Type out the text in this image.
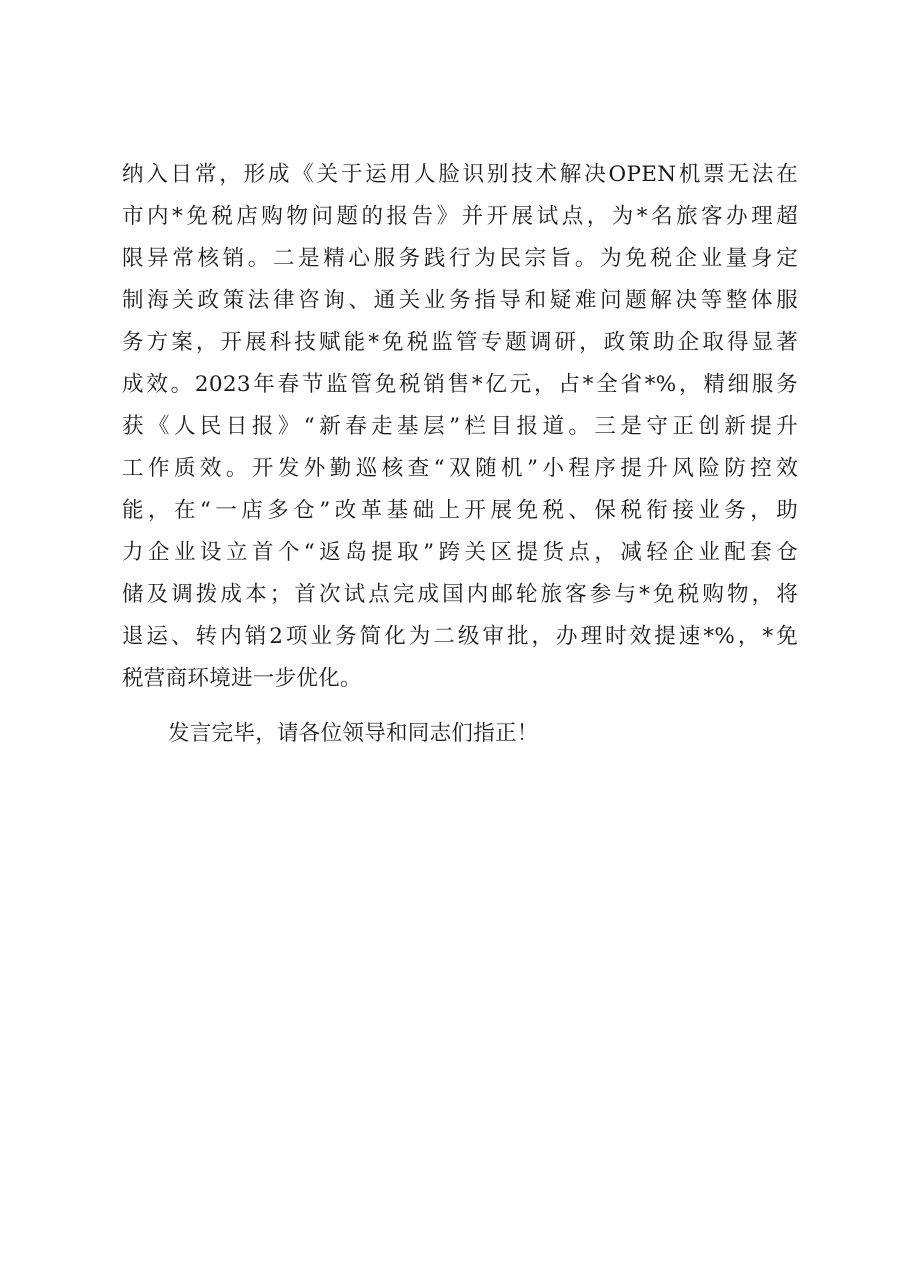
纳入日常，形成《关于运用人脸识别技术解决OPEN机票无法在
市内*免税店购物问题的报告》并开展试点，为*名旅客办理超
限异常核销。二是精心服务践行为民宗旨。为免税企业量身定
制海关政策法律咨询、通关业务指导和疑难问题解决等整体服
务方案，开展科技赋能*免税监管专题调研，政策助企取得显著
成效。2023年春节监管免税销售*亿元，占*全省*%，精细服务
获《人民日报》“新春走基层”栏目报道。三是守正创新提升
工作质效。开发外勤巡核查“双随机”小程序提升风险防控效
能，在“一店多仓”改革基础上开展免税、保税衔接业务，助
力企业设立首个“返岛提取”跨关区提货点，减轻企业配套仓
储及调拨成本；首次试点完成国内邮轮旅客参与*免税购物，将
退运、转内销2项业务简化为二级审批，办理时效提速*%，*免
税营商环境进一步优化。
发言完毕，请各位领导和同志们指正！
